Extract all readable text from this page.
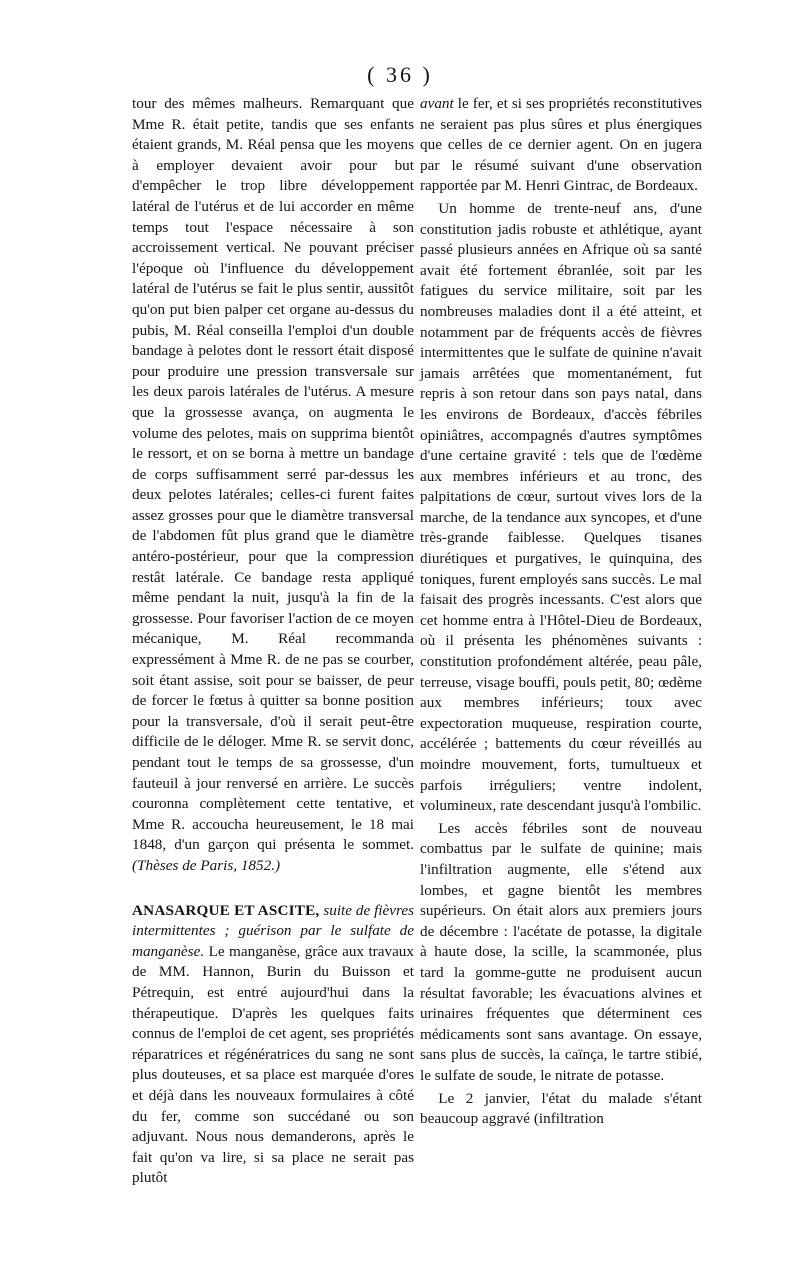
( 36 )

tour des mêmes malheurs. Remarquant que Mme R. était petite, tandis que ses enfants étaient grands, M. Réal pensa que les moyens à employer devaient avoir pour but d'empêcher le trop libre développement latéral de l'utérus et de lui accorder en même temps tout l'espace nécessaire à son accroissement vertical. Ne pouvant préciser l'époque où l'influence du développement latéral de l'utérus se fait le plus sentir, aussitôt qu'on put bien palper cet organe au-dessus du pubis, M. Réal conseilla l'emploi d'un double bandage à pelotes dont le ressort était disposé pour produire une pression transversale sur les deux parois latérales de l'utérus. A mesure que la grossesse avança, on augmenta le volume des pelotes, mais on supprima bientôt le ressort, et on se borna à mettre un bandage de corps suffisamment serré par-dessus les deux pelotes latérales; celles-ci furent faites assez grosses pour que le diamètre transversal de l'abdomen fût plus grand que le diamètre antéro-postérieur, pour que la compression restât latérale. Ce bandage resta appliqué même pendant la nuit, jusqu'à la fin de la grossesse. Pour favoriser l'action de ce moyen mécanique, M. Réal recommanda expressément à Mme R. de ne pas se courber, soit étant assise, soit pour se baisser, de peur de forcer le fœtus à quitter sa bonne position pour la transversale, d'où il serait peut-être difficile de le déloger. Mme R. se servit donc, pendant tout le temps de sa grossesse, d'un fauteuil à jour renversé en arrière. Le succès couronna complètement cette tentative, et Mme R. accoucha heureusement, le 18 mai 1848, d'un garçon qui présenta le sommet. (Thèses de Paris, 1852.)

ANASARQUE ET ASCITE, suite de fièvres intermittentes ; guérison par le sulfate de manganèse. Le manganèse, grâce aux travaux de MM. Hannon, Burin du Buisson et Pétrequin, est entré aujourd'hui dans la thérapeutique. D'après les quelques faits connus de l'emploi de cet agent, ses propriétés réparatrices et régénératrices du sang ne sont plus douteuses, et sa place est marquée d'ores et déjà dans les nouveaux formulaires à côté du fer, comme son succédané ou son adjuvant. Nous nous demanderons, après le fait qu'on va lire, si sa place ne serait pas plutôt

avant le fer, et si ses propriétés reconstitutives ne seraient pas plus sûres et plus énergiques que celles de ce dernier agent. On en jugera par le résumé suivant d'une observation rapportée par M. Henri Gintrac, de Bordeaux.

Un homme de trente-neuf ans, d'une constitution jadis robuste et athlétique, ayant passé plusieurs années en Afrique où sa santé avait été fortement ébranlée, soit par les fatigues du service militaire, soit par les nombreuses maladies dont il a été atteint, et notamment par de fréquents accès de fièvres intermittentes que le sulfate de quinine n'avait jamais arrêtées que momentanément, fut repris à son retour dans son pays natal, dans les environs de Bordeaux, d'accès fébriles opiniâtres, accompagnés d'autres symptômes d'une certaine gravité : tels que de l'œdème aux membres inférieurs et au tronc, des palpitations de cœur, surtout vives lors de la marche, de la tendance aux syncopes, et d'une très-grande faiblesse. Quelques tisanes diurétiques et purgatives, le quinquina, des toniques, furent employés sans succès. Le mal faisait des progrès incessants. C'est alors que cet homme entra à l'Hôtel-Dieu de Bordeaux, où il présenta les phénomènes suivants : constitution profondément altérée, peau pâle, terreuse, visage bouffi, pouls petit, 80; œdème aux membres inférieurs; toux avec expectoration muqueuse, respiration courte, accélérée ; battements du cœur réveillés au moindre mouvement, forts, tumultueux et parfois irréguliers; ventre indolent, volumineux, rate descendant jusqu'à l'ombilic.

Les accès fébriles sont de nouveau combattus par le sulfate de quinine; mais l'infiltration augmente, elle s'étend aux lombes, et gagne bientôt les membres supérieurs. On était alors aux premiers jours de décembre : l'acétate de potasse, la digitale à haute dose, la scille, la scammonée, plus tard la gomme-gutte ne produisent aucun résultat favorable; les évacuations alvines et urinaires fréquentes que déterminent ces médicaments sont sans avantage. On essaye, sans plus de succès, la caïnça, le tartre stibié, le sulfate de soude, le nitrate de potasse.

Le 2 janvier, l'état du malade s'étant beaucoup aggravé (infiltration
